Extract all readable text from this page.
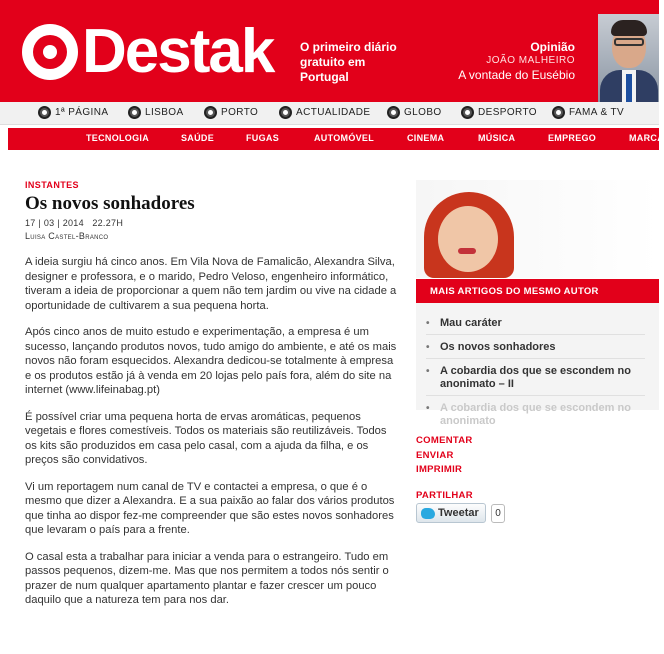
Destak O primeiro diário gratuito em Portugal
Opinião
JOÃO MALHEIRO
A vontade do Eusébio
1ª PÁGINA	LISBOA	PORTO	ACTUALIDADE	GLOBO	DESPORTO	FAMA & TV
TECNOLOGIA	SAÚDE	FUGAS	AUTOMÓVEL	CINEMA	MÚSICA	EMPREGO	MARCA
INSTANTES
Os novos sonhadores
17 | 03 | 2014   22.27H
Luisa Castel-Branco

A ideia surgiu há cinco anos. Em Vila Nova de Famalicão, Alexandra Silva, designer e professora, e o marido, Pedro Veloso, engenheiro informático, tiveram a ideia de proporcionar a quem não tem jardim ou vive na cidade a oportunidade de cultivarem a sua pequena horta.

Após cinco anos de muito estudo e experimentação, a empresa é um sucesso, lançando produtos novos, tudo amigo do ambiente, e até os mais novos não foram esquecidos. Alexandra dedicou-se totalmente à empresa e os produtos estão já à venda em 20 lojas pelo país fora, além do site na internet (www.lifeinabag.pt)

É possível criar uma pequena horta de ervas aromáticas, pequenos vegetais e flores comestíveis. Todos os materiais são reutilizáveis. Todos os kits são produzidos em casa pelo casal, com a ajuda da filha, e os preços são convidativos.

Vi um reportagem num canal de TV e contactei a empresa, o que é o mesmo que dizer a Alexandra. E a sua paixão ao falar dos vários produtos que tinha ao dispor fez-me compreender que são estes novos sonhadores que levaram o país para a frente.

O casal esta a trabalhar para iniciar a venda para o estrangeiro. Tudo em passos pequenos, dizem-me. Mas que nos permitem a todos nós sentir o prazer de num qualquer apartamento plantar e fazer crescer um pouco daquilo que a natureza tem para nos dar.

MAIS ARTIGOS DO MESMO AUTOR
• Mau caráter
• Os novos sonhadores
• A cobardia dos que se escondem no anonimato – II
• A cobardia dos que se escondem no anonimato
COMENTAR
ENVIAR
IMPRIMIR
PARTILHAR
Tweetar	0
